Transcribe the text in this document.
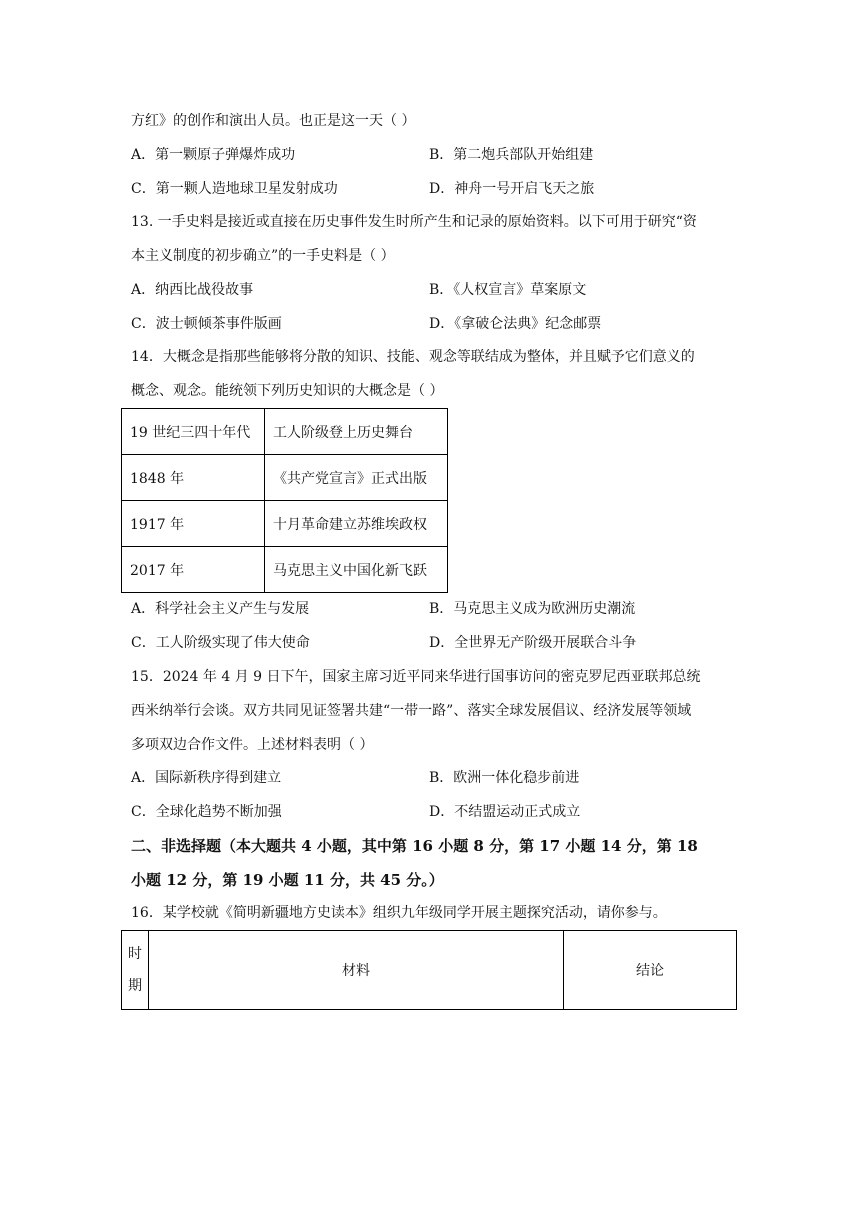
方红》的创作和演出人员。也正是这一天（ ）
A．第一颗原子弹爆炸成功	B．第二炮兵部队开始组建
C．第一颗人造地球卫星发射成功	D．神舟一号开启飞天之旅
13. 一手史料是接近或直接在历史事件发生时所产生和记录的原始资料。以下可用于研究“资
本主义制度的初步确立”的一手史料是（ ）
A．纳西比战役故事	B．《人权宣言》草案原文
C．波士顿倾茶事件版画	D．《拿破仑法典》纪念邮票
14．大概念是指那些能够将分散的知识、技能、观念等联结成为整体，并且赋予它们意义的
概念、观念。能统领下列历史知识的大概念是（ ）
19 世纪三四十年代	工人阶级登上历史舞台
1848 年	《共产党宣言》正式出版
1917 年	十月革命建立苏维埃政权
2017 年	马克思主义中国化新飞跃
A．科学社会主义产生与发展	B．马克思主义成为欧洲历史潮流
C．工人阶级实现了伟大使命	D．全世界无产阶级开展联合斗争
15．2024 年 4 月 9 日下午，国家主席习近平同来华进行国事访问的密克罗尼西亚联邦总统
西米纳举行会谈。双方共同见证签署共建“一带一路”、落实全球发展倡议、经济发展等领域
多项双边合作文件。上述材料表明（ ）
A．国际新秩序得到建立	B．欧洲一体化稳步前进
C．全球化趋势不断加强	D．不结盟运动正式成立
二、非选择题（本大题共 4 小题，其中第 16 小题 8 分，第 17 小题 14 分，第 18
小题 12 分，第 19 小题 11 分，共 45 分。）
16．某学校就《简明新疆地方史读本》组织九年级同学开展主题探究活动，请你参与。
时
期	材料	结论
